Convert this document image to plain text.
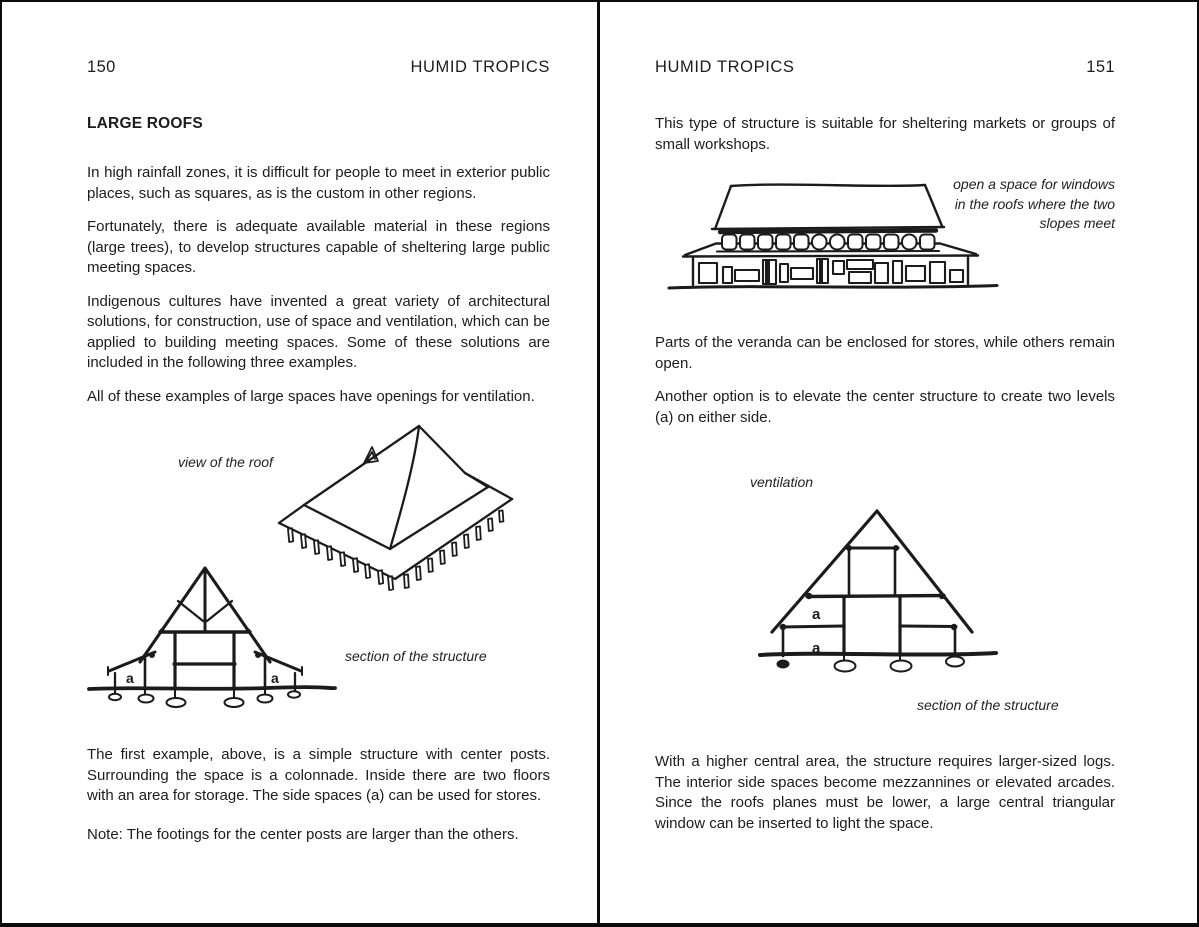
150	HUMID TROPICS
LARGE ROOFS

In high rainfall zones, it is difficult for people to meet in exterior public places, such as squares, as is the custom in other regions.

Fortunately, there is adequate available material in these regions (large trees), to develop structures capable of sheltering large public meeting spaces.

Indigenous cultures have invented a great variety of architectural solutions, for construction, use of space and ventilation, which can be applied to building meeting spaces. Some of these solutions are included in the following three examples.

All of these examples of large spaces have openings for ventilation.

view of the roof
a	a
section of the structure

The first example, above, is a simple structure with center posts. Surrounding the space is a colonnade. Inside there are two floors with an area for storage. The side spaces (a) can be used for stores.

Note: The footings for the center posts are larger than the others.

HUMID TROPICS	151

This type of structure is suitable for sheltering markets or groups of small workshops.

open a space for windows
in the roofs where the two
slopes meet

Parts of the veranda can be enclosed for stores, while others remain open.

Another option is to elevate the center structure to create two levels (a) on either side.

ventilation
a
a
section of the structure

With a higher central area, the structure requires larger-sized logs. The interior side spaces become mezzannines or elevated arcades. Since the roofs planes must be lower, a large central triangular window can be inserted to light the space.
